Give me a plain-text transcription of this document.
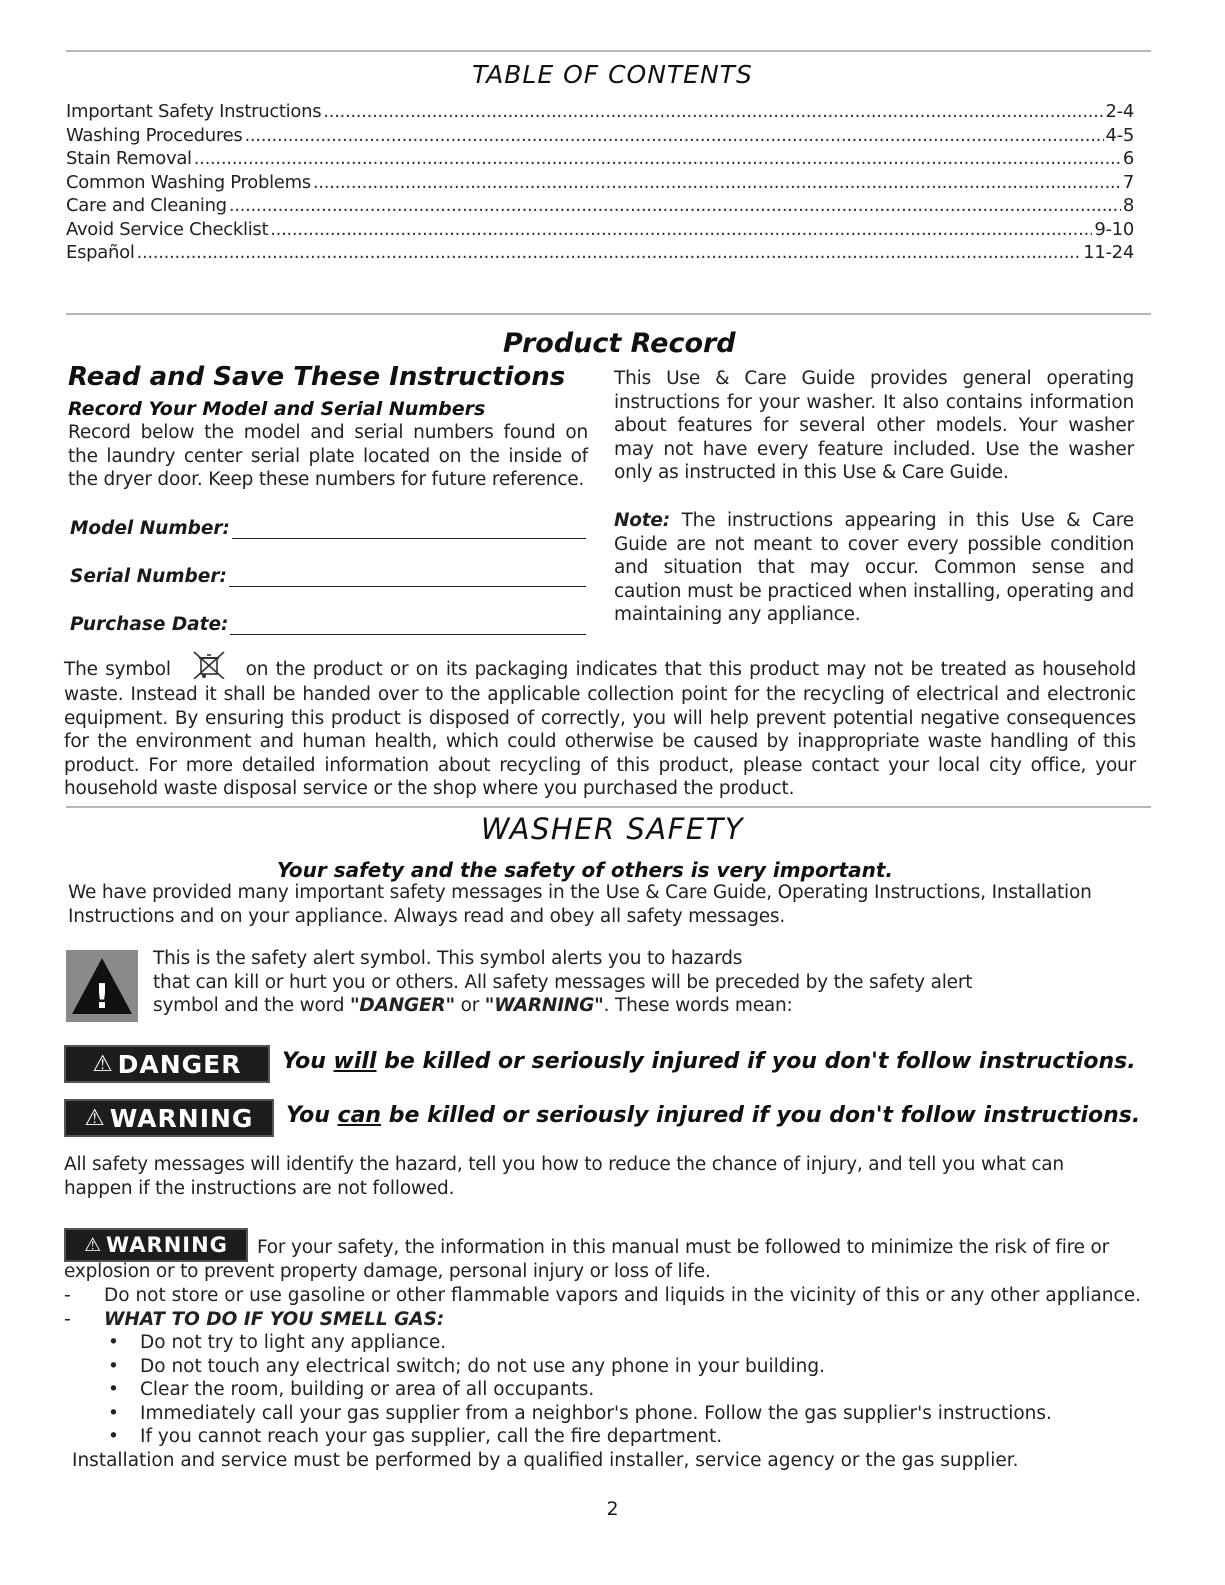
TABLE OF CONTENTS
Important Safety Instructions .....	2-4
Washing Procedures .....	4-5
Stain Removal .....	6
Common Washing Problems .....	7
Care and Cleaning .....	8
Avoid Service Checklist .....	9-10
Español .....	11-24
Product Record
Read and Save These Instructions
Record Your Model and Serial Numbers
Record below the model and serial numbers found on the laundry center serial plate located on the inside of the dryer door. Keep these numbers for future reference.
Model Number:
Serial Number:
Purchase Date:
This Use & Care Guide provides general operating instructions for your washer. It also contains information about features for several other models. Your washer may not have every feature included. Use the washer only as instructed in this Use & Care Guide.
Note: The instructions appearing in this Use & Care Guide are not meant to cover every possible condition and situation that may occur. Common sense and caution must be practiced when installing, operating and maintaining any appliance.
The symbol	on the product or on its packaging indicates that this product may not be treated as household waste. Instead it shall be handed over to the applicable collection point for the recycling of electrical and electronic equipment. By ensuring this product is disposed of correctly, you will help prevent potential negative consequences for the environment and human health, which could otherwise be caused by inappropriate waste handling of this product. For more detailed information about recycling of this product, please contact your local city office, your household waste disposal service or the shop where you purchased the product.
WASHER SAFETY
Your safety and the safety of others is very important.
We have provided many important safety messages in the Use & Care Guide, Operating Instructions, Installation Instructions and on your appliance. Always read and obey all safety messages.
!
This is the safety alert symbol. This symbol alerts you to hazards
that can kill or hurt you or others. All safety messages will be preceded by the safety alert
symbol and the word "DANGER" or "WARNING". These words mean:
⚠ DANGER You will be killed or seriously injured if you don't follow instructions.
⚠ WARNING You can be killed or seriously injured if you don't follow instructions.
All safety messages will identify the hazard, tell you how to reduce the chance of injury, and tell you what can happen if the instructions are not followed.
⚠ WARNING	For your safety, the information in this manual must be followed to minimize the risk of fire or explosion or to prevent property damage, personal injury or loss of life.
- Do not store or use gasoline or other flammable vapors and liquids in the vicinity of this or any other appliance.
- WHAT TO DO IF YOU SMELL GAS:
• Do not try to light any appliance.
• Do not touch any electrical switch; do not use any phone in your building.
• Clear the room, building or area of all occupants.
• Immediately call your gas supplier from a neighbor's phone. Follow the gas supplier's instructions.
• If you cannot reach your gas supplier, call the fire department.
Installation and service must be performed by a qualified installer, service agency or the gas supplier.
2
